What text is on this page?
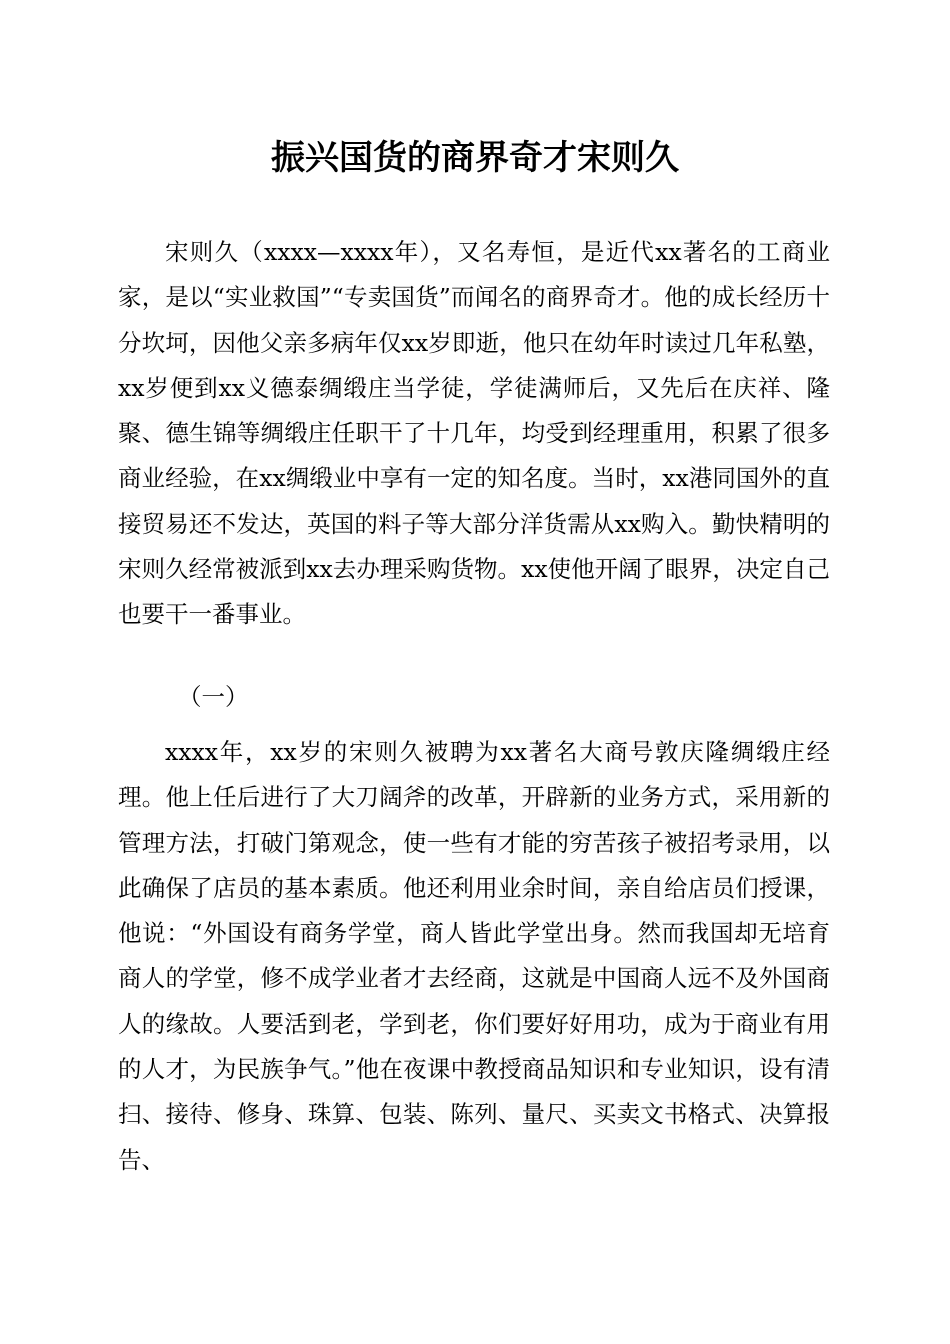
振兴国货的商界奇才宋则久

宋则久（xxxx—xxxx年），又名寿恒，是近代xx著名的工商业家，是以“实业救国”“专卖国货”而闻名的商界奇才。他的成长经历十分坎坷，因他父亲多病年仅xx岁即逝，他只在幼年时读过几年私塾，xx岁便到xx义德泰绸缎庄当学徒，学徒满师后，又先后在庆祥、隆聚、德生锦等绸缎庄任职干了十几年，均受到经理重用，积累了很多商业经验，在xx绸缎业中享有一定的知名度。当时，xx港同国外的直接贸易还不发达，英国的料子等大部分洋货需从xx购入。勤快精明的宋则久经常被派到xx去办理采购货物。xx使他开阔了眼界，决定自己也要干一番事业。

（一）

xxxx年，xx岁的宋则久被聘为xx著名大商号敦庆隆绸缎庄经理。他上任后进行了大刀阔斧的改革，开辟新的业务方式，采用新的管理方法，打破门第观念，使一些有才能的穷苦孩子被招考录用，以此确保了店员的基本素质。他还利用业余时间，亲自给店员们授课，他说：“外国设有商务学堂，商人皆此学堂出身。然而我国却无培育商人的学堂，修不成学业者才去经商，这就是中国商人远不及外国商人的缘故。人要活到老，学到老，你们要好好用功，成为于商业有用的人才，为民族争气。”他在夜课中教授商品知识和专业知识，设有清扫、接待、修身、珠算、包装、陈列、量尺、买卖文书格式、决算报告、
